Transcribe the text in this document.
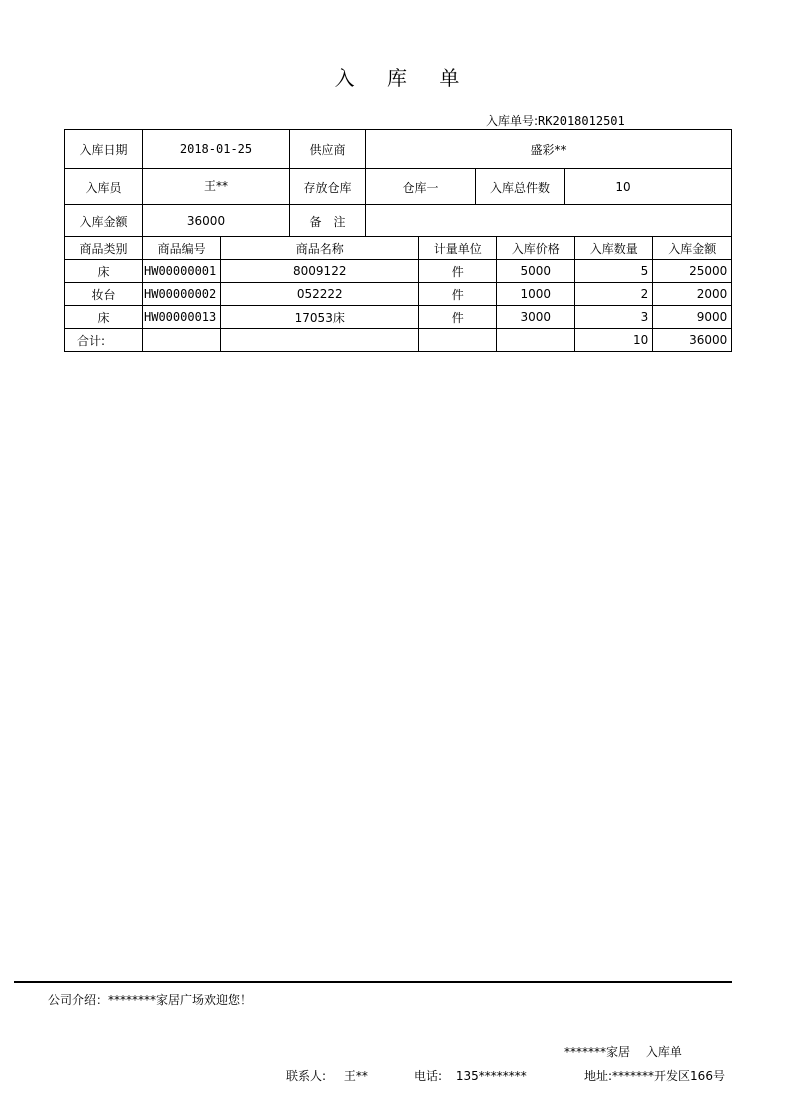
入 库 单
入库单号:RK2018012501
入库日期	2018-01-25	供应商	盛彩**
入库员	王**	存放仓库	仓库一	入库总件数	10
入库金额	36000	备　注
商品类别	商品编号	商品名称	计量单位	入库价格	入库数量	入库金额
床	HW00000001	8009122	件	5000	5	25000
妆台	HW00000002	052222	件	1000	2	2000
床	HW00000013	17053床	件	3000	3	9000
合计:					10	36000
公司介绍：********家居广场欢迎您！
*******家居　 入库单
联系人: 王**	电话: 135********	地址:*******开发区166号
